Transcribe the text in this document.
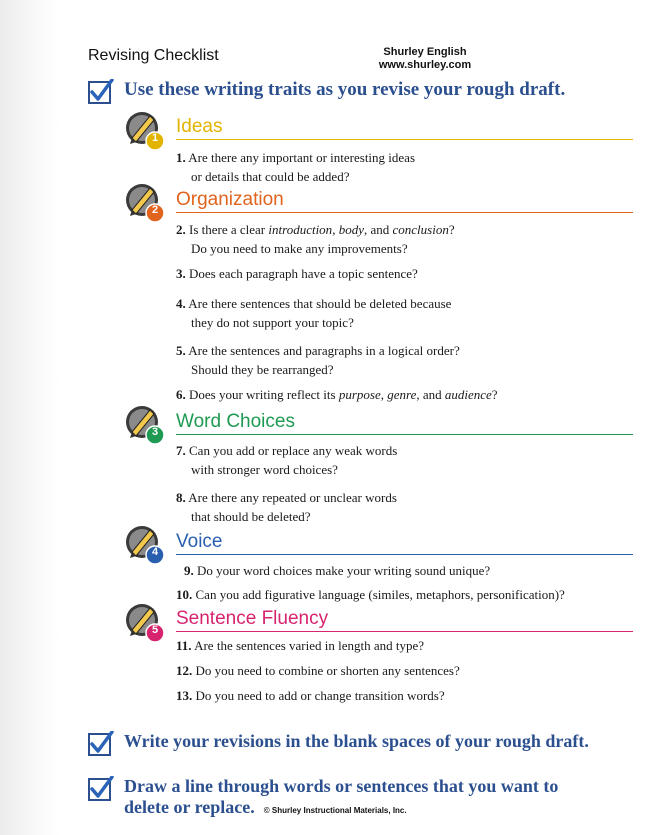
Revising Checklist	Shurley English
www.shurley.com
Use these writing traits as you revise your rough draft.
1
Ideas
1. Are there any important or interesting ideas
or details that could be added?
2 Organization
2. Is there a clear introduction, body, and conclusion?
Do you need to make any improvements?
3. Does each paragraph have a topic sentence?
4. Are there sentences that should be deleted because
they do not support your topic?
5. Are the sentences and paragraphs in a logical order?
Should they be rearranged?
6. Does your writing reflect its purpose, genre, and audience?
3 Word Choices
7. Can you add or replace any weak words
with stronger word choices?
8. Are there any repeated or unclear words
that should be deleted?
4 Voice
9. Do your word choices make your writing sound unique?
10. Can you add figurative language (similes, metaphors, personification)?
5
Sentence Fluency
11. Are the sentences varied in length and type?
12. Do you need to combine or shorten any sentences?
13. Do you need to add or change transition words?
Write your revisions in the blank spaces of your rough draft.
Draw a line through words or sentences that you want to
delete or replace. © Shurley Instructional Materials, Inc.
